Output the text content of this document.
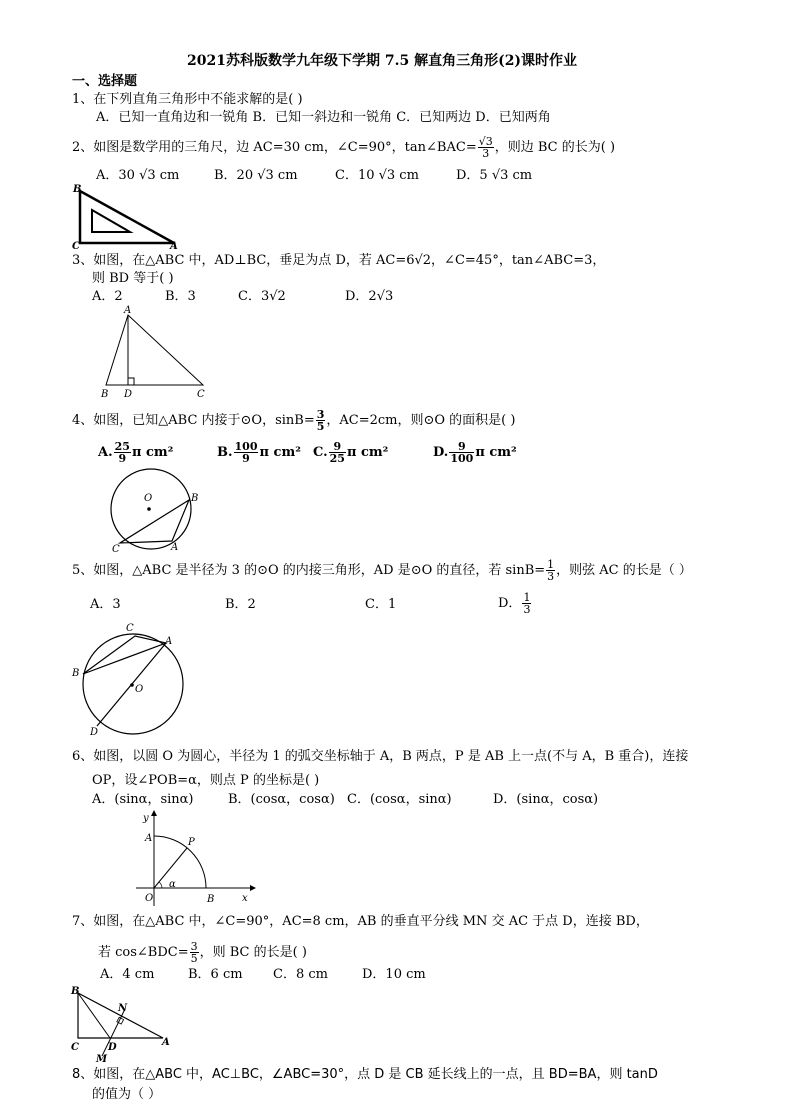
2021苏科版数学九年级下学期 7.5 解直角三角形(2)课时作业
一、选择题
1、在下列直角三角形中不能求解的是( )
A．已知一直角边和一锐角 B．已知一斜边和一锐角 C．已知两边 D．已知两角
2、如图是数学用的三角尺，边 AC=30 cm，∠C=90°，tan∠BAC= $\frac{√3}{3}$ ，则边 BC 的长为( )
A．30 √3 cm	B．20 √3 cm	C．10 √3 cm	D．5 √3 cm
B
C	A
3、如图，在△ABC 中，AD⊥BC，垂足为点 D，若 AC=6√2，∠C=45°，tan∠ABC=3，
则 BD 等于( )
A．2	B．3	C．3√2	D．2√3
A
B D	C
4、如图，已知△ABC 内接于⊙O，$\sin B= \frac{3}{5}$ ，AC=2cm，则⊙O 的面积是( )
A. $\frac{25}{9}$ π cm²	B. $\frac{100}{9}$ π cm² C. $\frac{9}{25}$ π cm²	D. $\frac{9}{100}$ π cm²
O	B
C	A
5、如图，△ABC 是半径为 3 的⊙O 的内接三角形，AD 是⊙O 的直径，若 $\sin B= \frac{1}{3}$ ，则弦 AC 的长是（ ）
A．3	B．2	C．1	D． $\frac{1}{3}$
C
A
B
O
D
6、如图，以圆 O 为圆心，半径为 1 的弧交坐标轴于 A，B 两点，P 是 AB 上一点(不与 A，B 重合)，连接
OP，设∠POB=α，则点 P 的坐标是( )
A．(sinα，sinα)	B．(cosα，cosα) C．(cosα，sinα)	D．(sinα，cosα)
y
A	P
O
α
B	x
7、如图，在△ABC 中，∠C=90°，AC=8 cm，AB 的垂直平分线 MN 交 AC 于点 D，连接 BD，
若 cos∠BDC= $\frac{3}{5}$ ，则 BC 的长是( )
A．4 cm	B．6 cm C．8 cm	D．10 cm
B
N
C	D	A
M
8、如图，在△ABC 中，AC⊥BC，∠ABC=30°，点 D 是 CB 延长线上的一点，且 BD=BA，则 tanD
的值为（ ）
